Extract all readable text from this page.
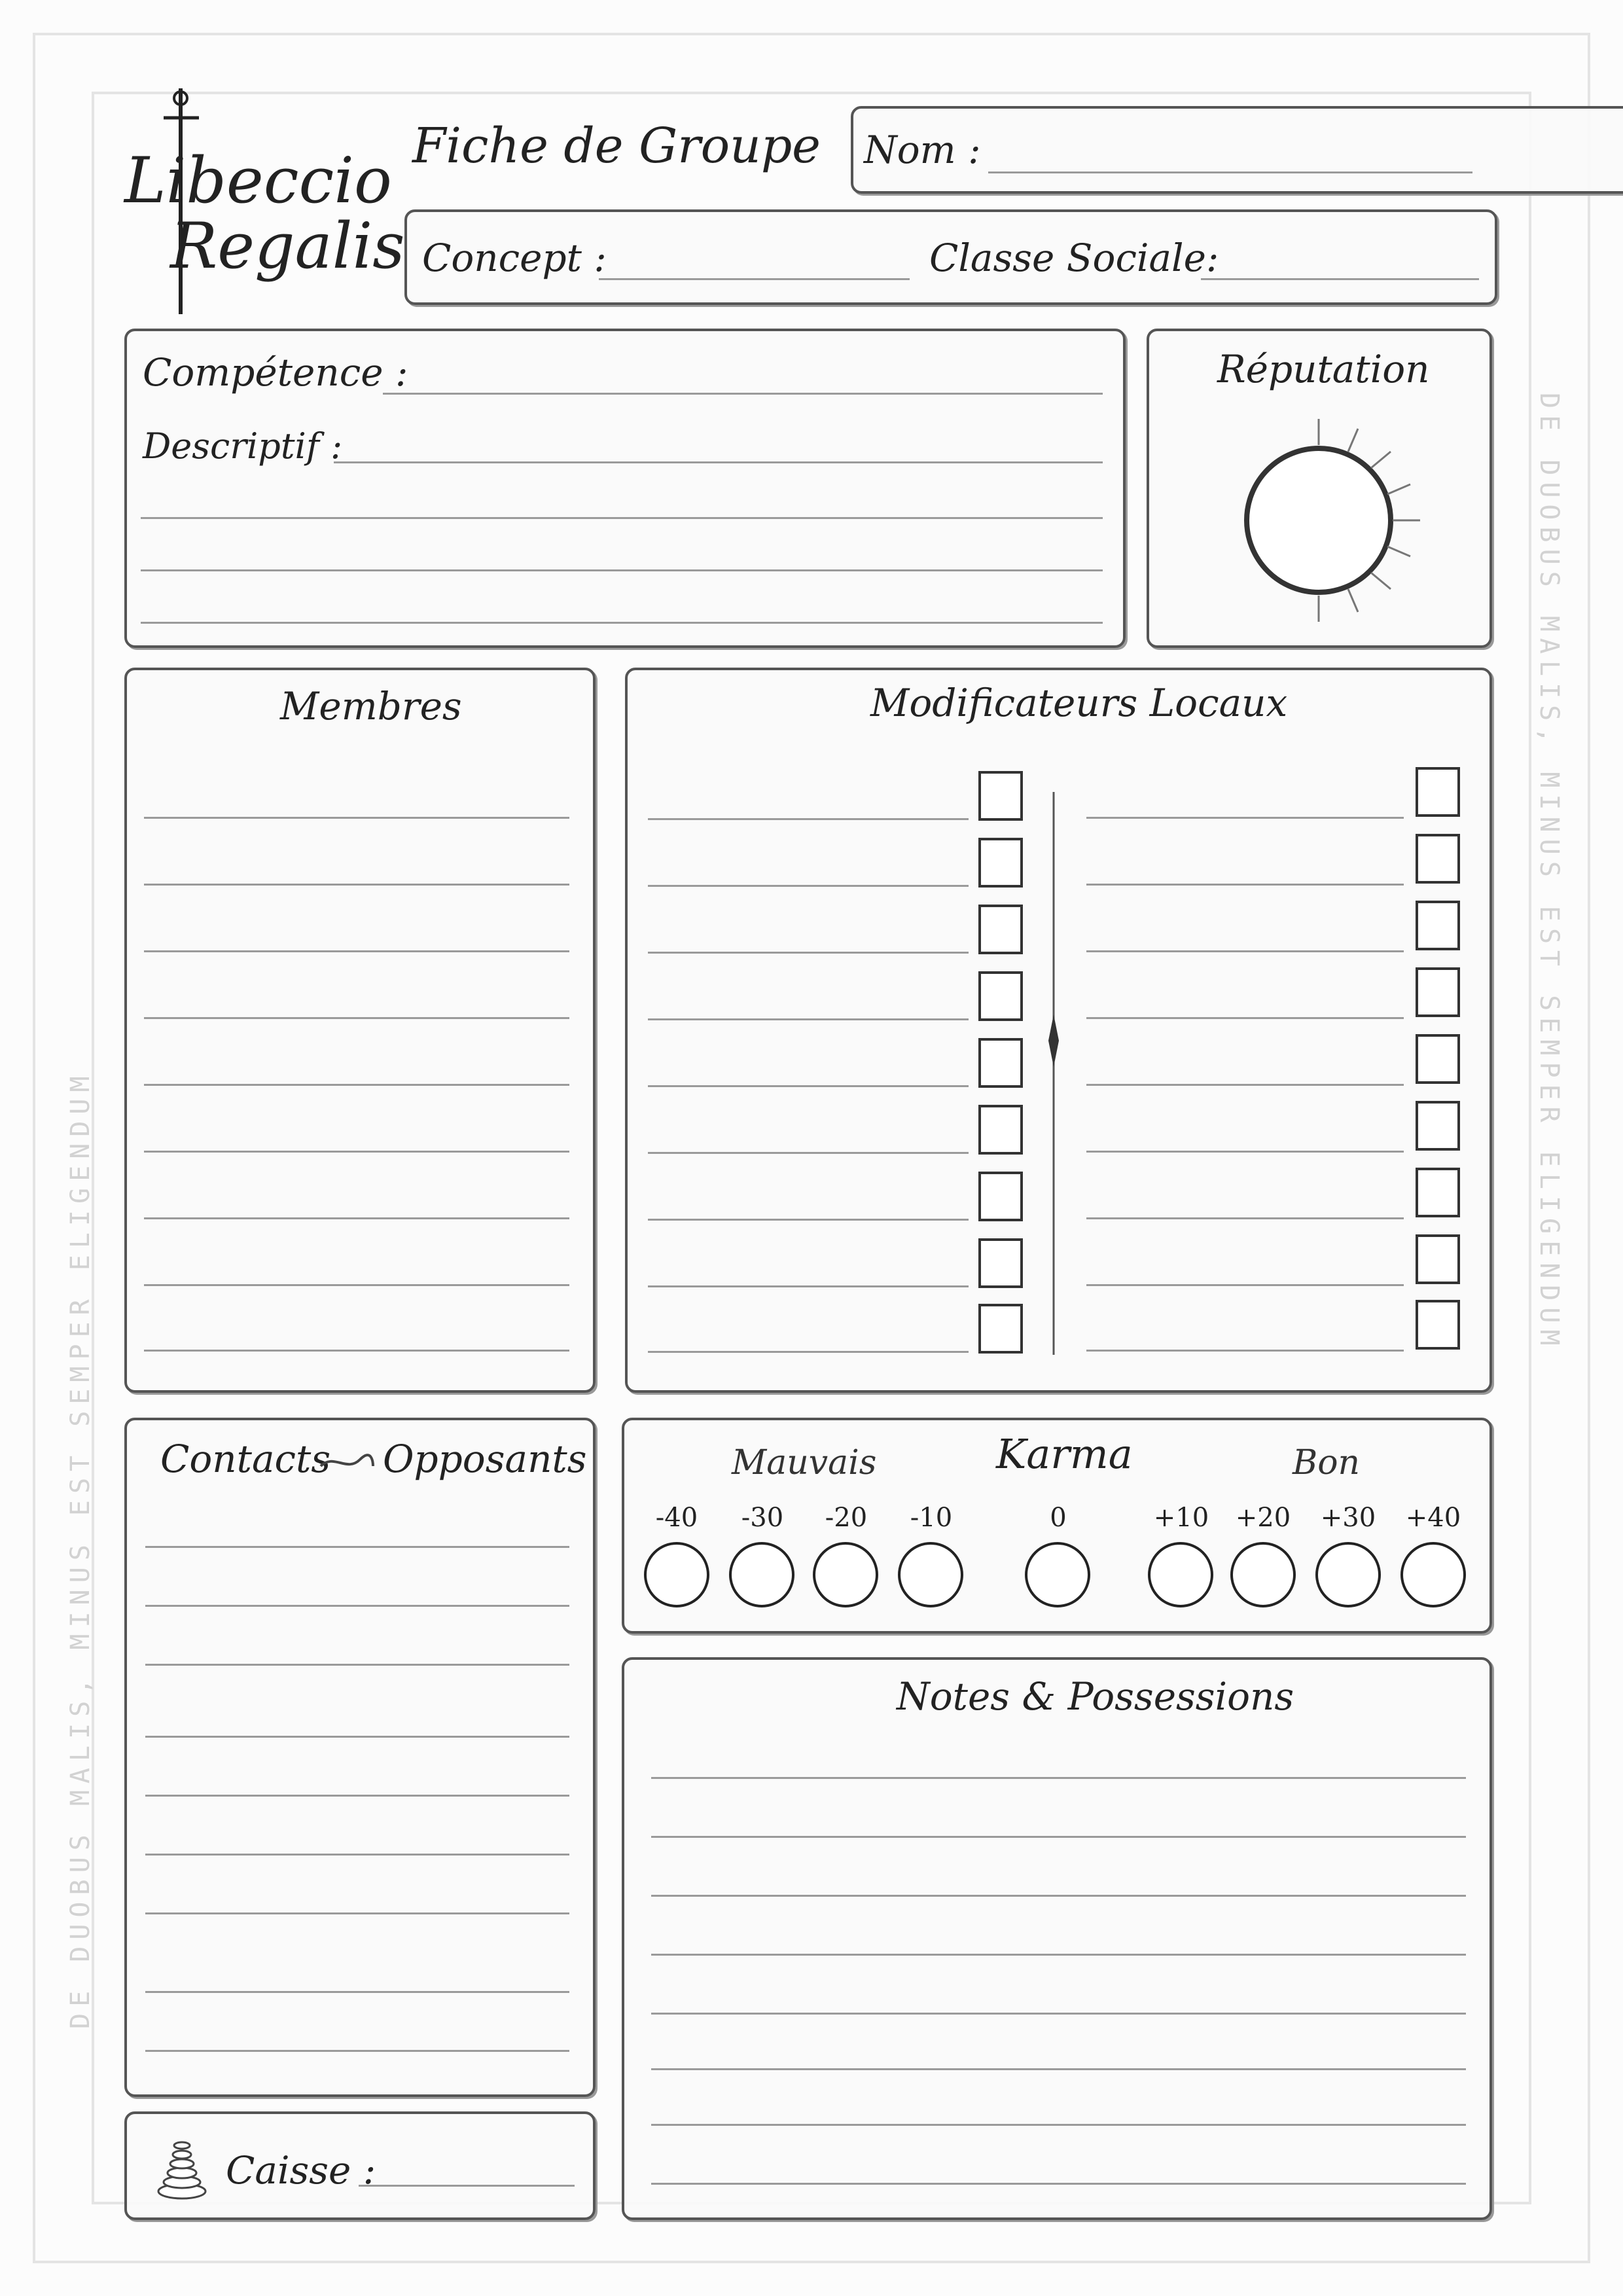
DE DUOBUS MALIS, MINUS EST SEMPER ELIGENDUM
DE DUOBUS MALIS, MINUS EST SEMPER ELIGENDUM
Libeccio
Regalis
Fiche de Groupe Nom :
Concept :	Classe Sociale:
Compétence :
Descriptif :
Réputation
Membres	Modificateurs Locaux
Contacts Opposants
Caisse :
Mauvais	Karma	Bon
-40	-30	-20	-10	0	+10	+20	+30	+40
Notes & Possessions
